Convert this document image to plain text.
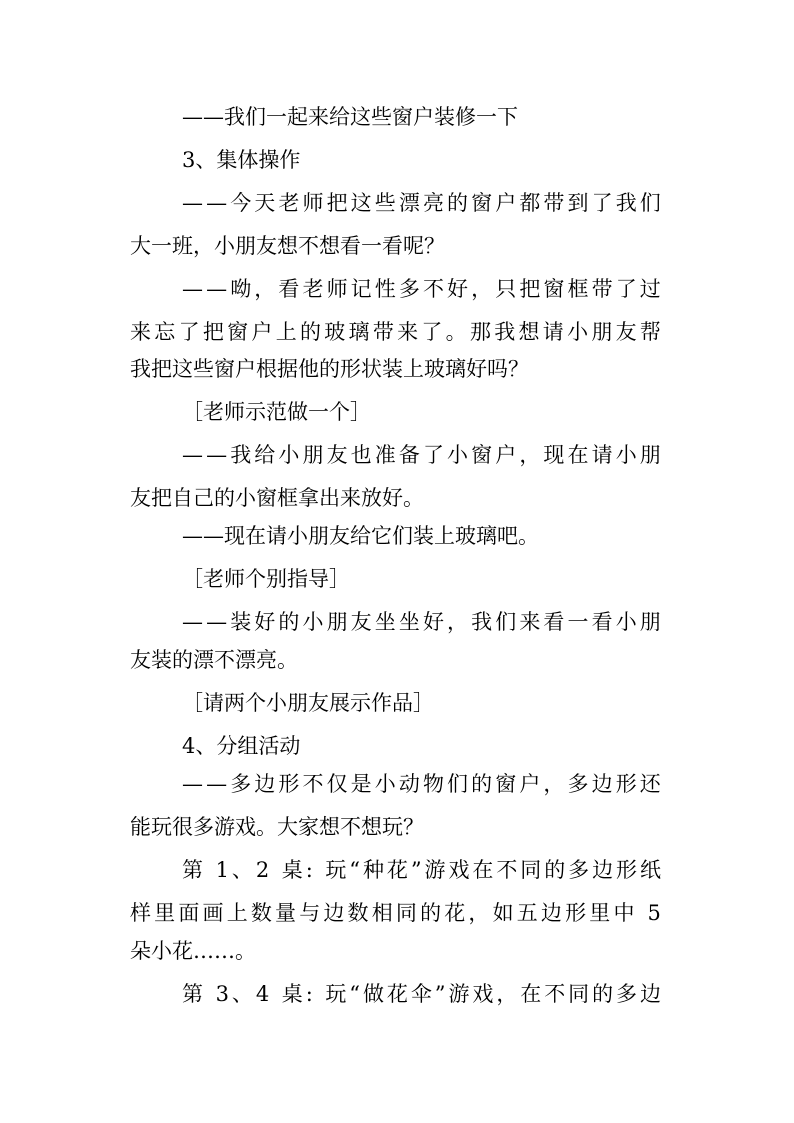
——我们一起来给这些窗户装修一下
3、集体操作
— — 今 天 老 师 把 这 些 漂 亮 的 窗 户 都 带 到 了 我 们
大一班，小朋友想不想看一看呢？
— — 呦 ， 看 老 师 记 性 多 不 好 ， 只 把 窗 框 带 了 过
来 忘 了 把 窗 户 上 的 玻 璃 带 来 了 。 那 我 想 请 小 朋 友 帮
我把这些窗户根据他的形状装上玻璃好吗？
［老师示范做一个］
— — 我 给 小 朋 友 也 准 备 了 小 窗 户 ， 现 在 请 小 朋
友把自己的小窗框拿出来放好。
——现在请小朋友给它们装上玻璃吧。
［老师个别指导］
— — 装 好 的 小 朋 友 坐 坐 好 ， 我 们 来 看 一 看 小 朋
友装的漂不漂亮。
［请两个小朋友展示作品］
4、分组活动
— — 多 边 形 不 仅 是 小 动 物 们 的 窗 户 ， 多 边 形 还
能玩很多游戏。大家想不想玩？
第
1 、 2
桌 :
玩 “ 种 花 ” 游 戏 在 不 同 的 多 边 形 纸
样 里 面 画 上 数 量 与 边 数 相 同 的 花 ， 如 五 边 形 里 中
5
朵小花……。
第
3 、 4
桌 :
玩 “ 做 花 伞 ” 游 戏 ， 在 不 同 的 多 边
